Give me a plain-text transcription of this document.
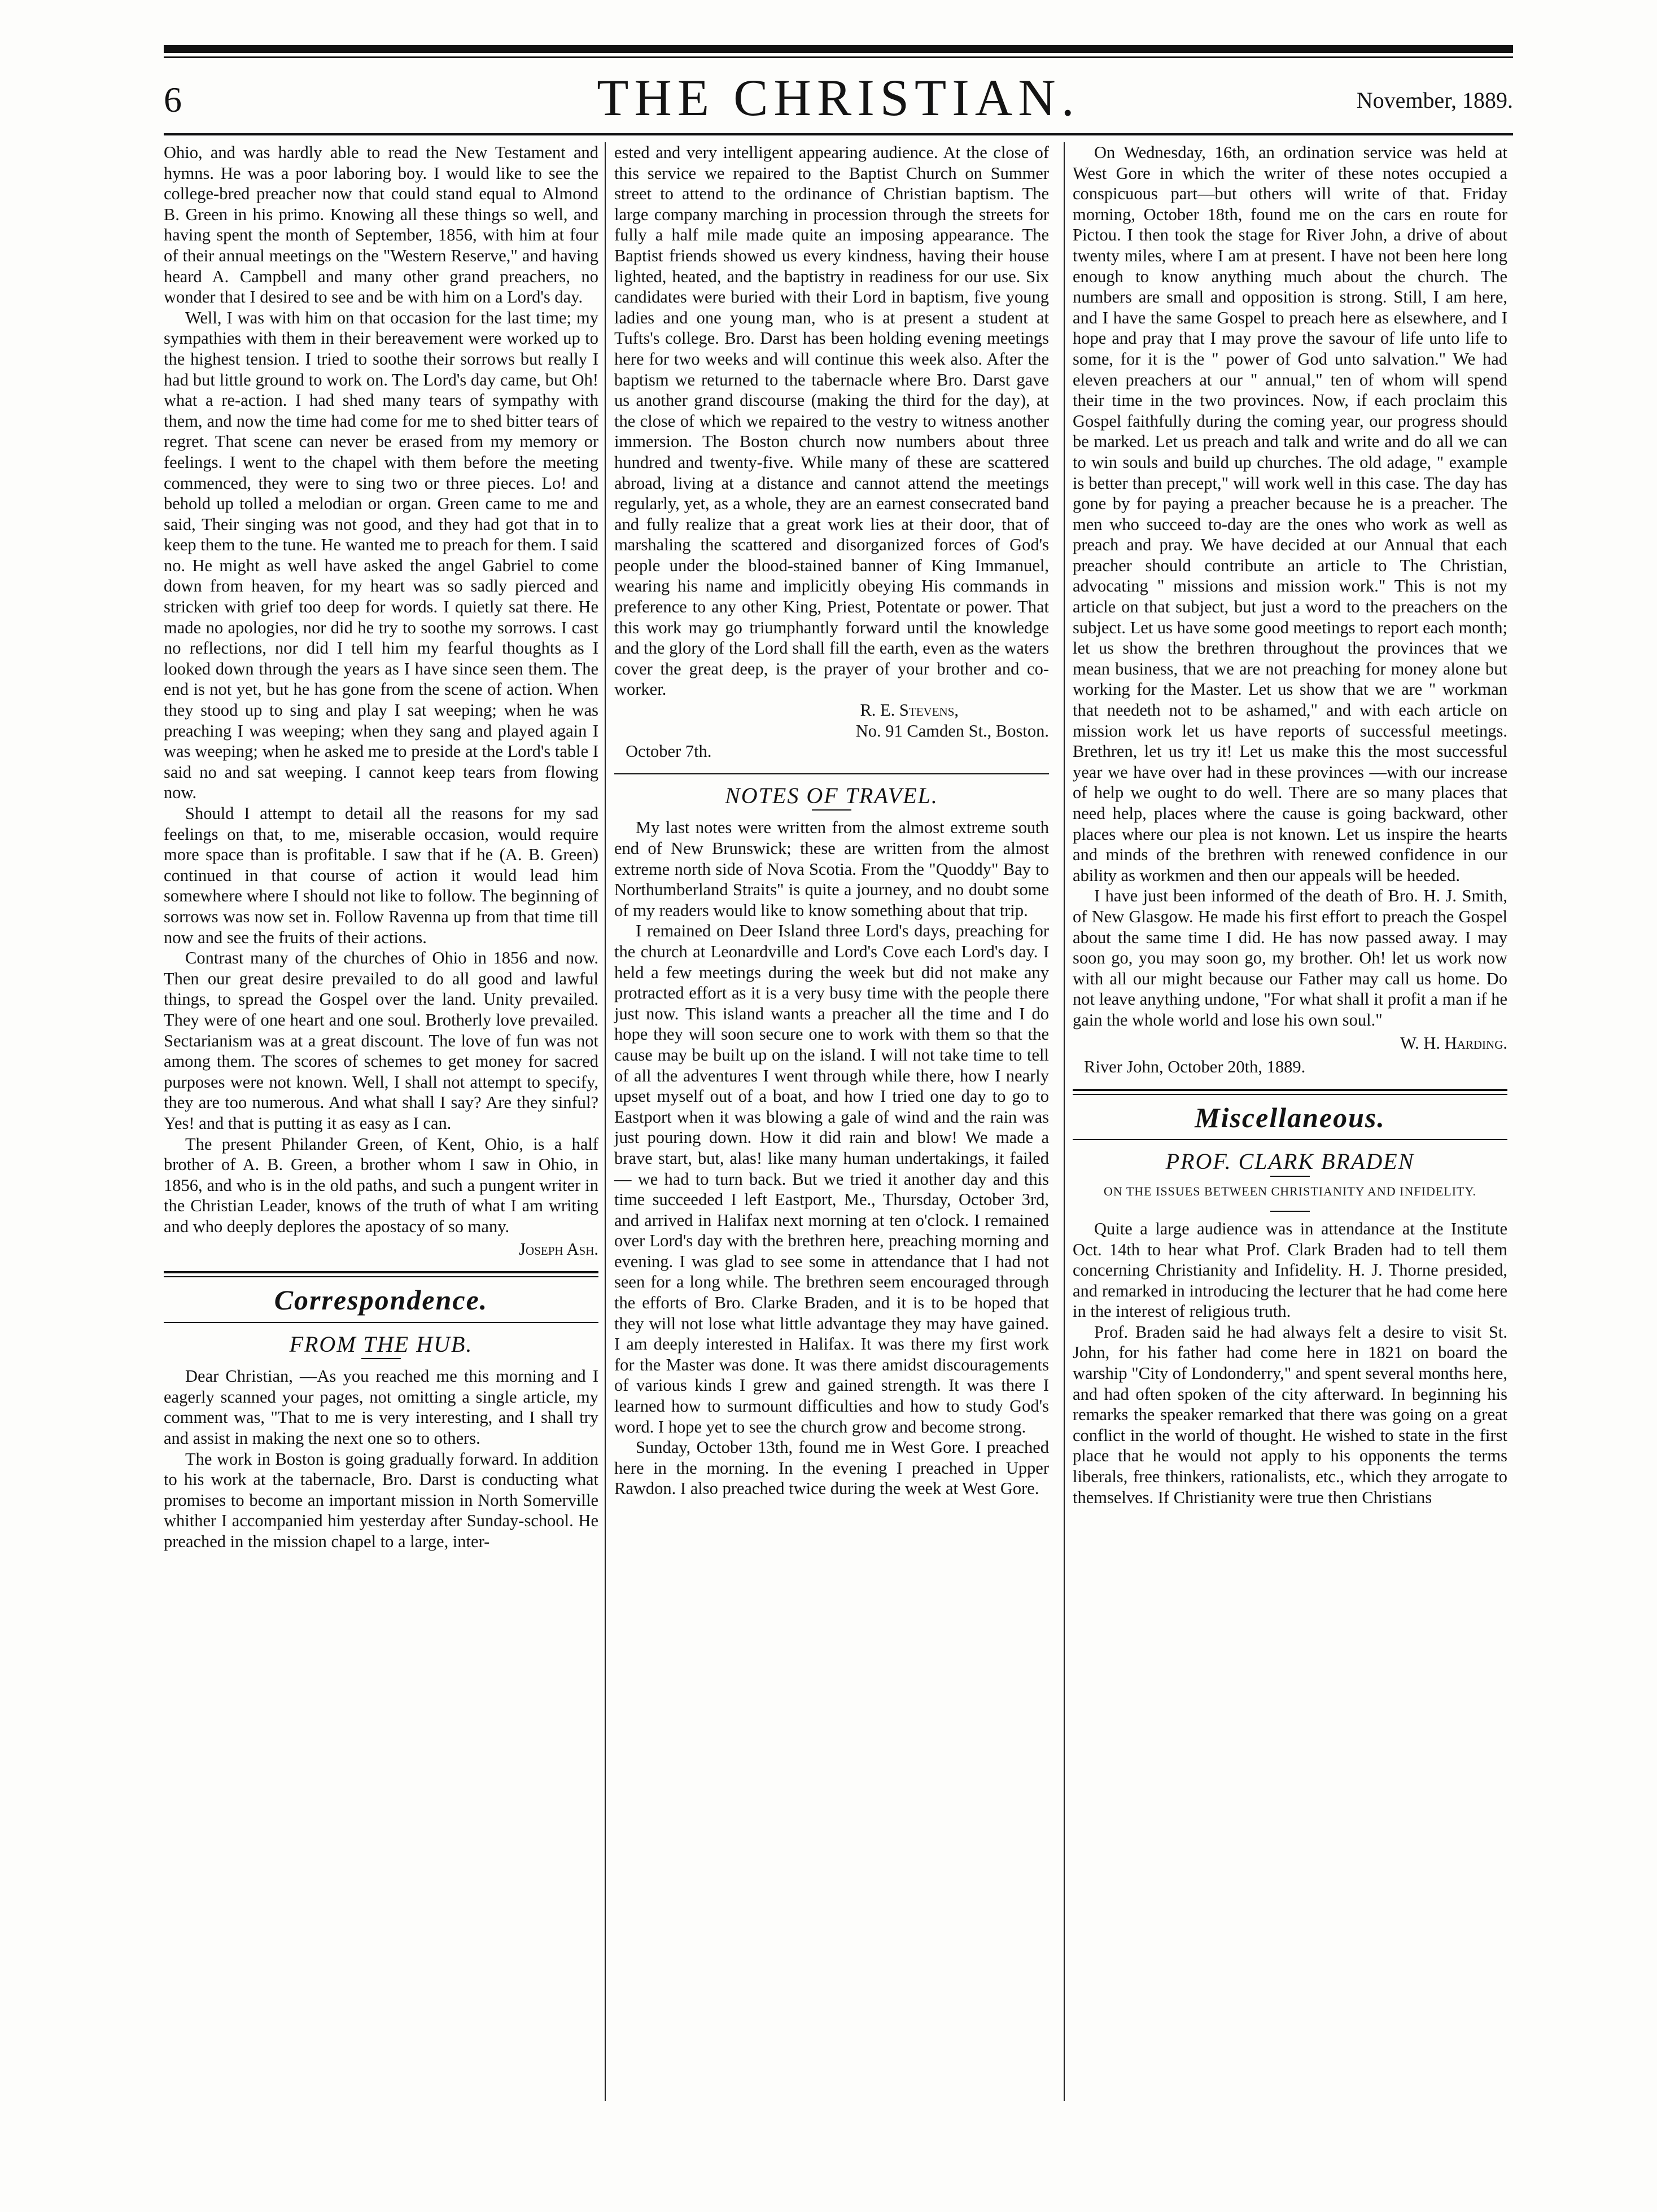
6	THE CHRISTIAN.	November, 1889.

Ohio, and was hardly able to read the New Testament and hymns. He was a poor laboring boy. I would like to see the college-bred preacher now that could stand equal to Almond B. Green in his primo. Knowing all these things so well, and having spent the month of September, 1856, with him at four of their annual meetings on the "Western Reserve," and having heard A. Campbell and many other grand preachers, no wonder that I desired to see and be with him on a Lord's day.

Well, I was with him on that occasion for the last time; my sympathies with them in their bereavement were worked up to the highest tension. I tried to soothe their sorrows but really I had but little ground to work on. The Lord's day came, but Oh! what a re-action. I had shed many tears of sympathy with them, and now the time had come for me to shed bitter tears of regret. That scene can never be erased from my memory or feelings. I went to the chapel with them before the meeting commenced, they were to sing two or three pieces. Lo! and behold up tolled a melodian or organ. Green came to me and said, Their singing was not good, and they had got that in to keep them to the tune. He wanted me to preach for them. I said no. He might as well have asked the angel Gabriel to come down from heaven, for my heart was so sadly pierced and stricken with grief too deep for words. I quietly sat there. He made no apologies, nor did he try to soothe my sorrows. I cast no reflections, nor did I tell him my fearful thoughts as I looked down through the years as I have since seen them. The end is not yet, but he has gone from the scene of action. When they stood up to sing and play I sat weeping; when he was preaching I was weeping; when they sang and played again I was weeping; when he asked me to preside at the Lord's table I said no and sat weeping. I cannot keep tears from flowing now.

Should I attempt to detail all the reasons for my sad feelings on that, to me, miserable occasion, would require more space than is profitable. I saw that if he (A. B. Green) continued in that course of action it would lead him somewhere where I should not like to follow. The beginning of sorrows was now set in. Follow Ravenna up from that time till now and see the fruits of their actions.

Contrast many of the churches of Ohio in 1856 and now. Then our great desire prevailed to do all good and lawful things, to spread the Gospel over the land. Unity prevailed. They were of one heart and one soul. Brotherly love prevailed. Sectarianism was at a great discount. The love of fun was not among them. The scores of schemes to get money for sacred purposes were not known. Well, I shall not attempt to specify, they are too numerous. And what shall I say? Are they sinful? Yes! and that is putting it as easy as I can.

The present Philander Green, of Kent, Ohio, is a half brother of A. B. Green, a brother whom I saw in Ohio, in 1856, and who is in the old paths, and such a pungent writer in the Christian Leader, knows of the truth of what I am writing and who deeply deplores the apostacy of so many.

Joseph Ash.
Correspondence.
FROM THE HUB.

Dear Christian, —As you reached me this morning and I eagerly scanned your pages, not omitting a single article, my comment was, "That to me is very interesting, and I shall try and assist in making the next one so to others.

The work in Boston is going gradually forward. In addition to his work at the tabernacle, Bro. Darst is conducting what promises to become an important mission in North Somerville whither I accompanied him yesterday after Sunday-school. He preached in the mission chapel to a large, inter-

ested and very intelligent appearing audience. At the close of this service we repaired to the Baptist Church on Summer street to attend to the ordinance of Christian baptism. The large company marching in procession through the streets for fully a half mile made quite an imposing appearance. The Baptist friends showed us every kindness, having their house lighted, heated, and the baptistry in readiness for our use. Six candidates were buried with their Lord in baptism, five young ladies and one young man, who is at present a student at Tufts's college. Bro. Darst has been holding evening meetings here for two weeks and will continue this week also. After the baptism we returned to the tabernacle where Bro. Darst gave us another grand discourse (making the third for the day), at the close of which we repaired to the vestry to witness another immersion. The Boston church now numbers about three hundred and twenty-five. While many of these are scattered abroad, living at a distance and cannot attend the meetings regularly, yet, as a whole, they are an earnest consecrated band and fully realize that a great work lies at their door, that of marshaling the scattered and disorganized forces of God's people under the blood-stained banner of King Immanuel, wearing his name and implicitly obeying His commands in preference to any other King, Priest, Potentate or power. That this work may go triumphantly forward until the knowledge and the glory of the Lord shall fill the earth, even as the waters cover the great deep, is the prayer of your brother and co-worker.

R. E. Stevens,
No. 91 Camden St., Boston.
October 7th.
NOTES OF TRAVEL.

My last notes were written from the almost extreme south end of New Brunswick; these are written from the almost extreme north side of Nova Scotia. From the "Quoddy" Bay to Northumberland Straits" is quite a journey, and no doubt some of my readers would like to know something about that trip.

I remained on Deer Island three Lord's days, preaching for the church at Leonardville and Lord's Cove each Lord's day. I held a few meetings during the week but did not make any protracted effort as it is a very busy time with the people there just now. This island wants a preacher all the time and I do hope they will soon secure one to work with them so that the cause may be built up on the island. I will not take time to tell of all the adventures I went through while there, how I nearly upset myself out of a boat, and how I tried one day to go to Eastport when it was blowing a gale of wind and the rain was just pouring down. How it did rain and blow! We made a brave start, but, alas! like many human undertakings, it failed — we had to turn back. But we tried it another day and this time succeeded I left Eastport, Me., Thursday, October 3rd, and arrived in Halifax next morning at ten o'clock. I remained over Lord's day with the brethren here, preaching morning and evening. I was glad to see some in attendance that I had not seen for a long while. The brethren seem encouraged through the efforts of Bro. Clarke Braden, and it is to be hoped that they will not lose what little advantage they may have gained. I am deeply interested in Halifax. It was there my first work for the Master was done. It was there amidst discouragements of various kinds I grew and gained strength. It was there I learned how to surmount difficulties and how to study God's word. I hope yet to see the church grow and become strong.

Sunday, October 13th, found me in West Gore. I preached here in the morning. In the evening I preached in Upper Rawdon. I also preached twice during the week at West Gore.

On Wednesday, 16th, an ordination service was held at West Gore in which the writer of these notes occupied a conspicuous part—but others will write of that. Friday morning, October 18th, found me on the cars en route for Pictou. I then took the stage for River John, a drive of about twenty miles, where I am at present. I have not been here long enough to know anything much about the church. The numbers are small and opposition is strong. Still, I am here, and I have the same Gospel to preach here as elsewhere, and I hope and pray that I may prove the savour of life unto life to some, for it is the " power of God unto salvation." We had eleven preachers at our " annual," ten of whom will spend their time in the two provinces. Now, if each proclaim this Gospel faithfully during the coming year, our progress should be marked. Let us preach and talk and write and do all we can to win souls and build up churches. The old adage, " example is better than precept," will work well in this case. The day has gone by for paying a preacher because he is a preacher. The men who succeed to-day are the ones who work as well as preach and pray. We have decided at our Annual that each preacher should contribute an article to The Christian, advocating " missions and mission work." This is not my article on that subject, but just a word to the preachers on the subject. Let us have some good meetings to report each month; let us show the brethren throughout the provinces that we mean business, that we are not preaching for money alone but working for the Master. Let us show that we are " workman that needeth not to be ashamed," and with each article on mission work let us have reports of successful meetings. Brethren, let us try it! Let us make this the most successful year we have over had in these provinces —with our increase of help we ought to do well. There are so many places that need help, places where the cause is going backward, other places where our plea is not known. Let us inspire the hearts and minds of the brethren with renewed confidence in our ability as workmen and then our appeals will be heeded.

I have just been informed of the death of Bro. H. J. Smith, of New Glasgow. He made his first effort to preach the Gospel about the same time I did. He has now passed away. I may soon go, you may soon go, my brother. Oh! let us work now with all our might because our Father may call us home. Do not leave anything undone, "For what shall it profit a man if he gain the whole world and lose his own soul."

W. H. Harding.
River John, October 20th, 1889.
Miscellaneous.
PROF. CLARK BRADEN
ON THE ISSUES BETWEEN CHRISTIANITY AND INFIDELITY.

Quite a large audience was in attendance at the Institute Oct. 14th to hear what Prof. Clark Braden had to tell them concerning Christianity and Infidelity. H. J. Thorne presided, and remarked in introducing the lecturer that he had come here in the interest of religious truth.

Prof. Braden said he had always felt a desire to visit St. John, for his father had come here in 1821 on board the warship "City of Londonderry," and spent several months here, and had often spoken of the city afterward. In beginning his remarks the speaker remarked that there was going on a great conflict in the world of thought. He wished to state in the first place that he would not apply to his opponents the terms liberals, free thinkers, rationalists, etc., which they arrogate to themselves. If Christianity were true then Christians
